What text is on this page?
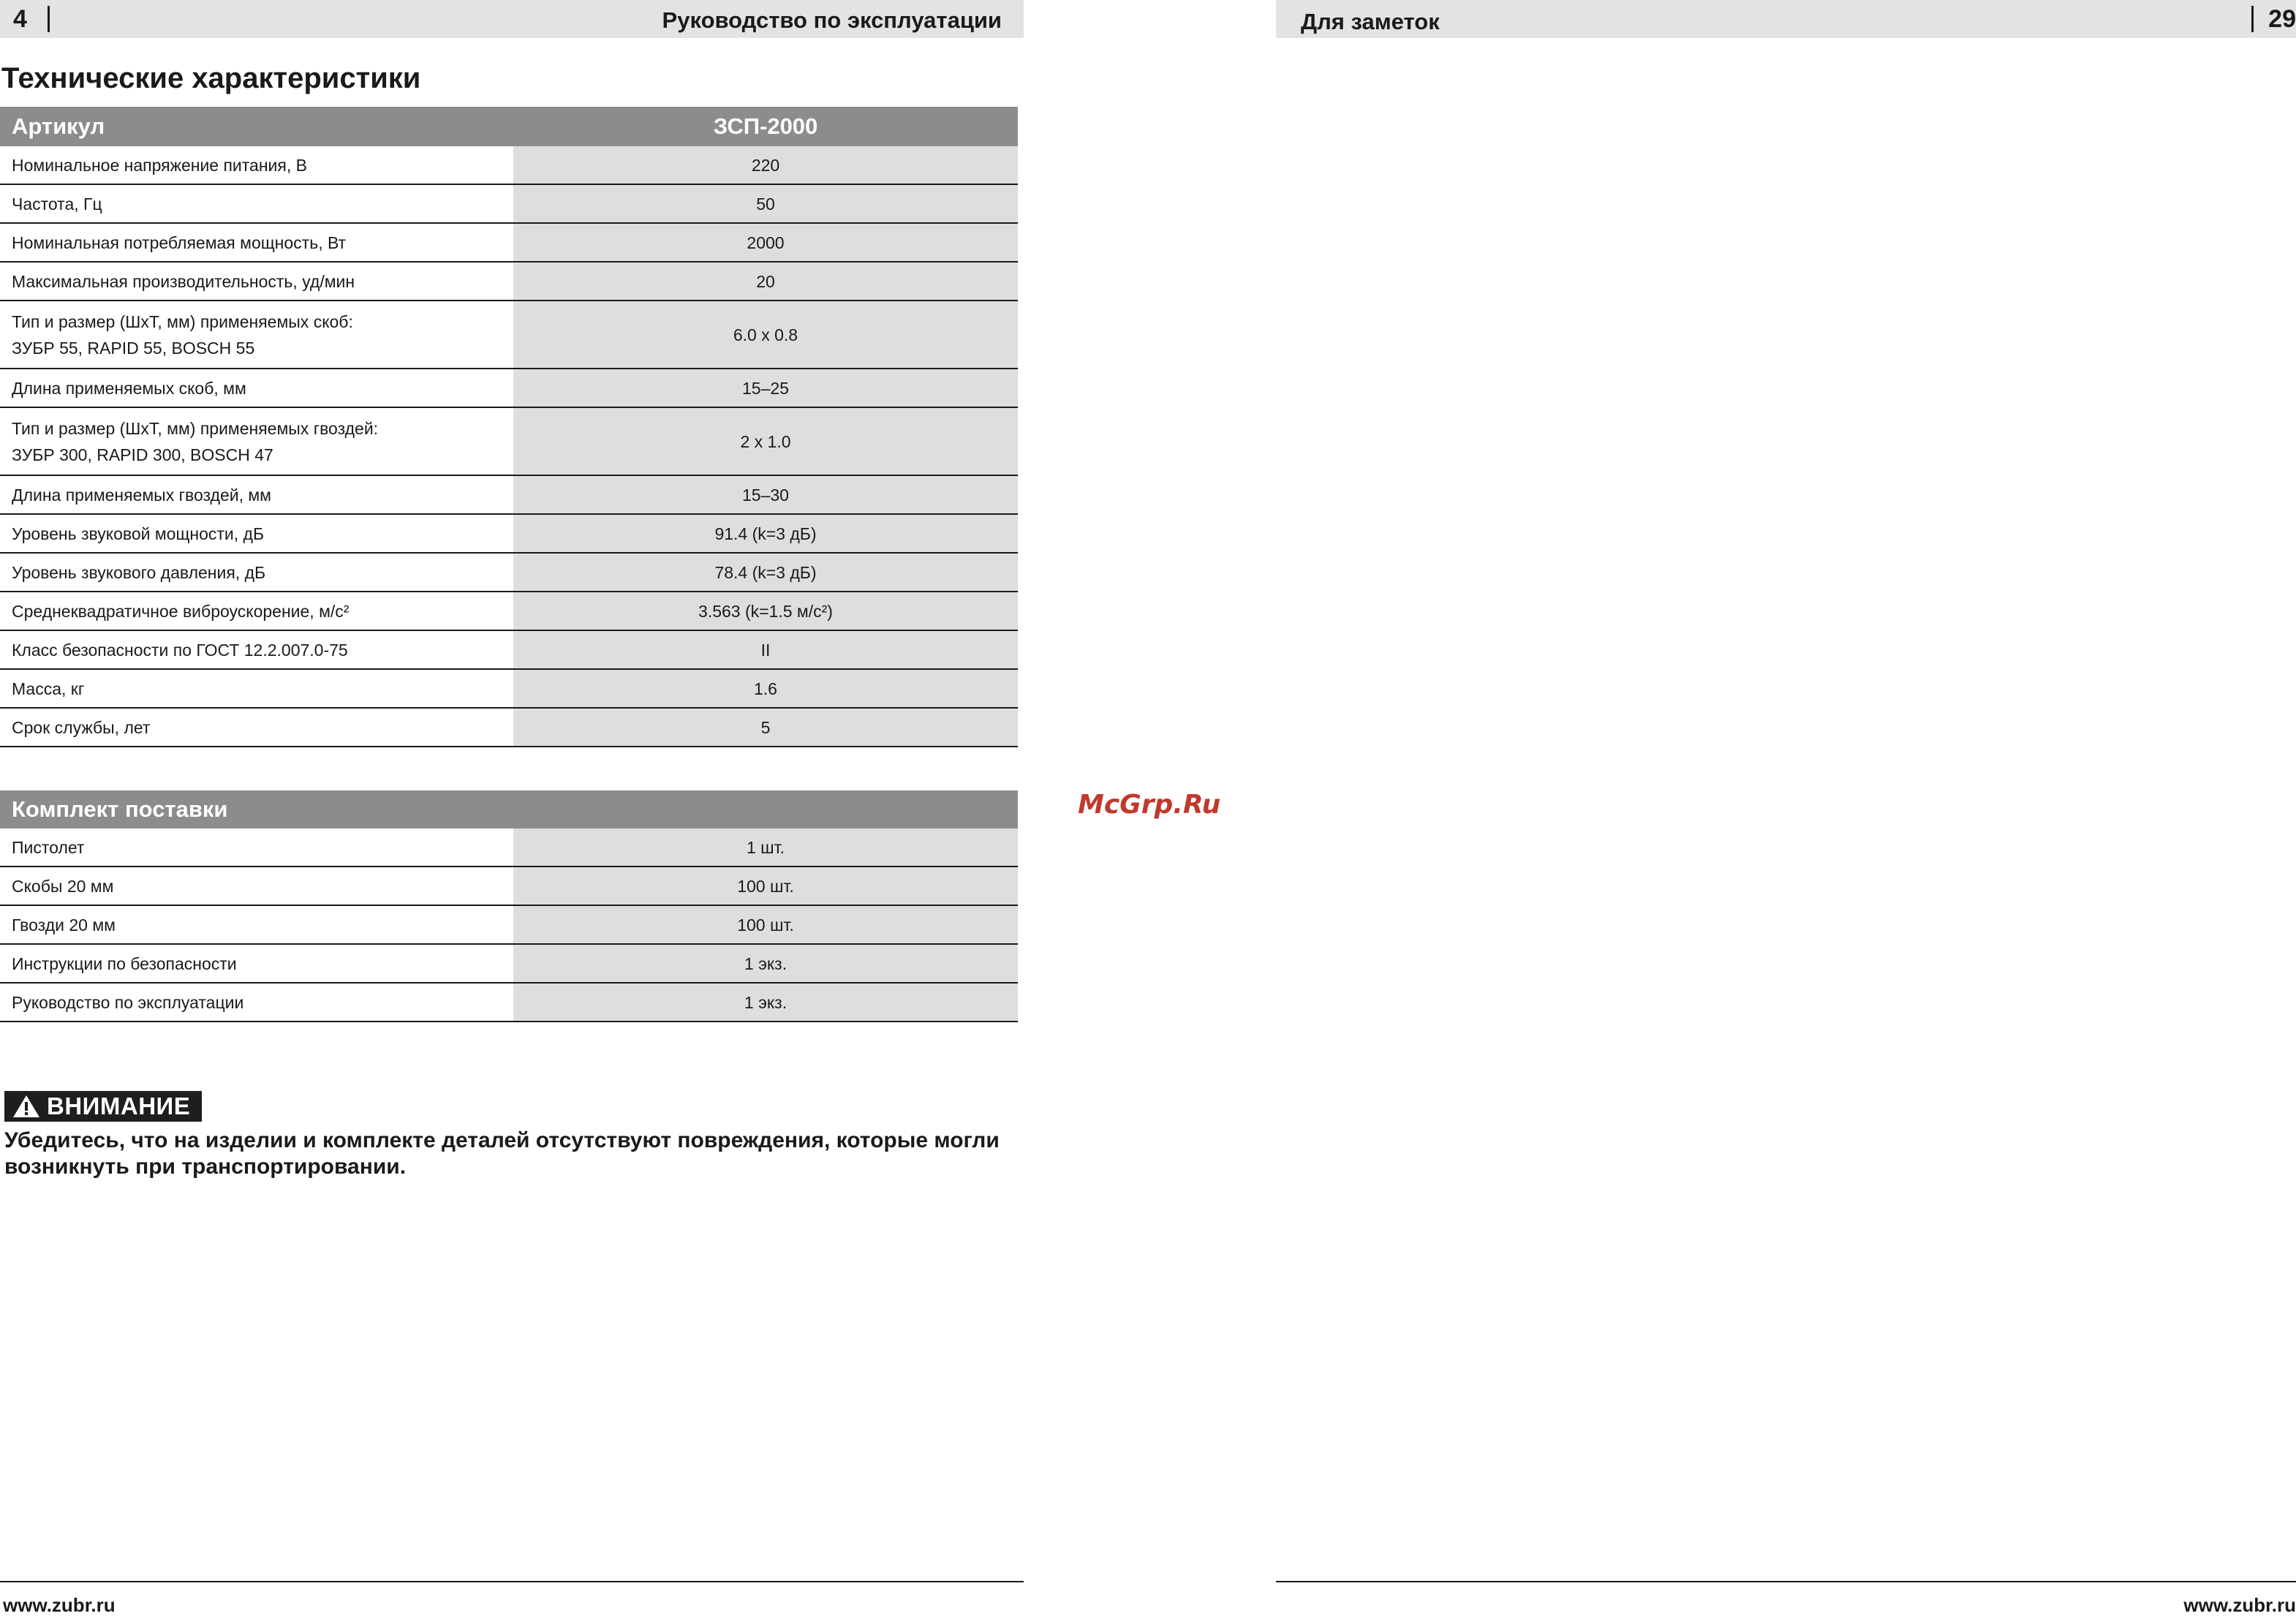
4	Руководство по эксплуатации
Технические характеристики
Артикул	ЗСП-2000
Номинальное напряжение питания, В	220
Частота, Гц	50
Номинальная потребляемая мощность, Вт	2000
Максимальная производительность, уд/мин	20
Тип и размер (ШхТ, мм) применяемых скоб:
ЗУБР 55, RAPID 55, BOSCH 55	6.0 х 0.8
Длина применяемых скоб, мм	15–25
Тип и размер (ШхТ, мм) применяемых гвоздей:
ЗУБР 300, RAPID 300, BOSCH 47	2 х 1.0
Длина применяемых гвоздей, мм	15–30
Уровень звуковой мощности, дБ	91.4 (k=3 дБ)
Уровень звукового давления, дБ	78.4 (k=3 дБ)
Среднеквадратичное виброускорение, м/с²	3.563 (k=1.5 м/с²)
Класс безопасности по ГОСТ 12.2.007.0-75	II
Масса, кг	1.6
Срок службы, лет	5
Комплект поставки	
Пистолет	1 шт.
Скобы 20 мм	100 шт.
Гвозди 20 мм	100 шт.
Инструкции по безопасности	1 экз.
Руководство по эксплуатации	1 экз.
ВНИМАНИЕ
Убедитесь, что на изделии и комплекте деталей отсутствуют повреждения, которые могли возникнуть при транспортировании.
www.zubr.ru
McGrp.Ru
Для заметок	29
www.zubr.ru
